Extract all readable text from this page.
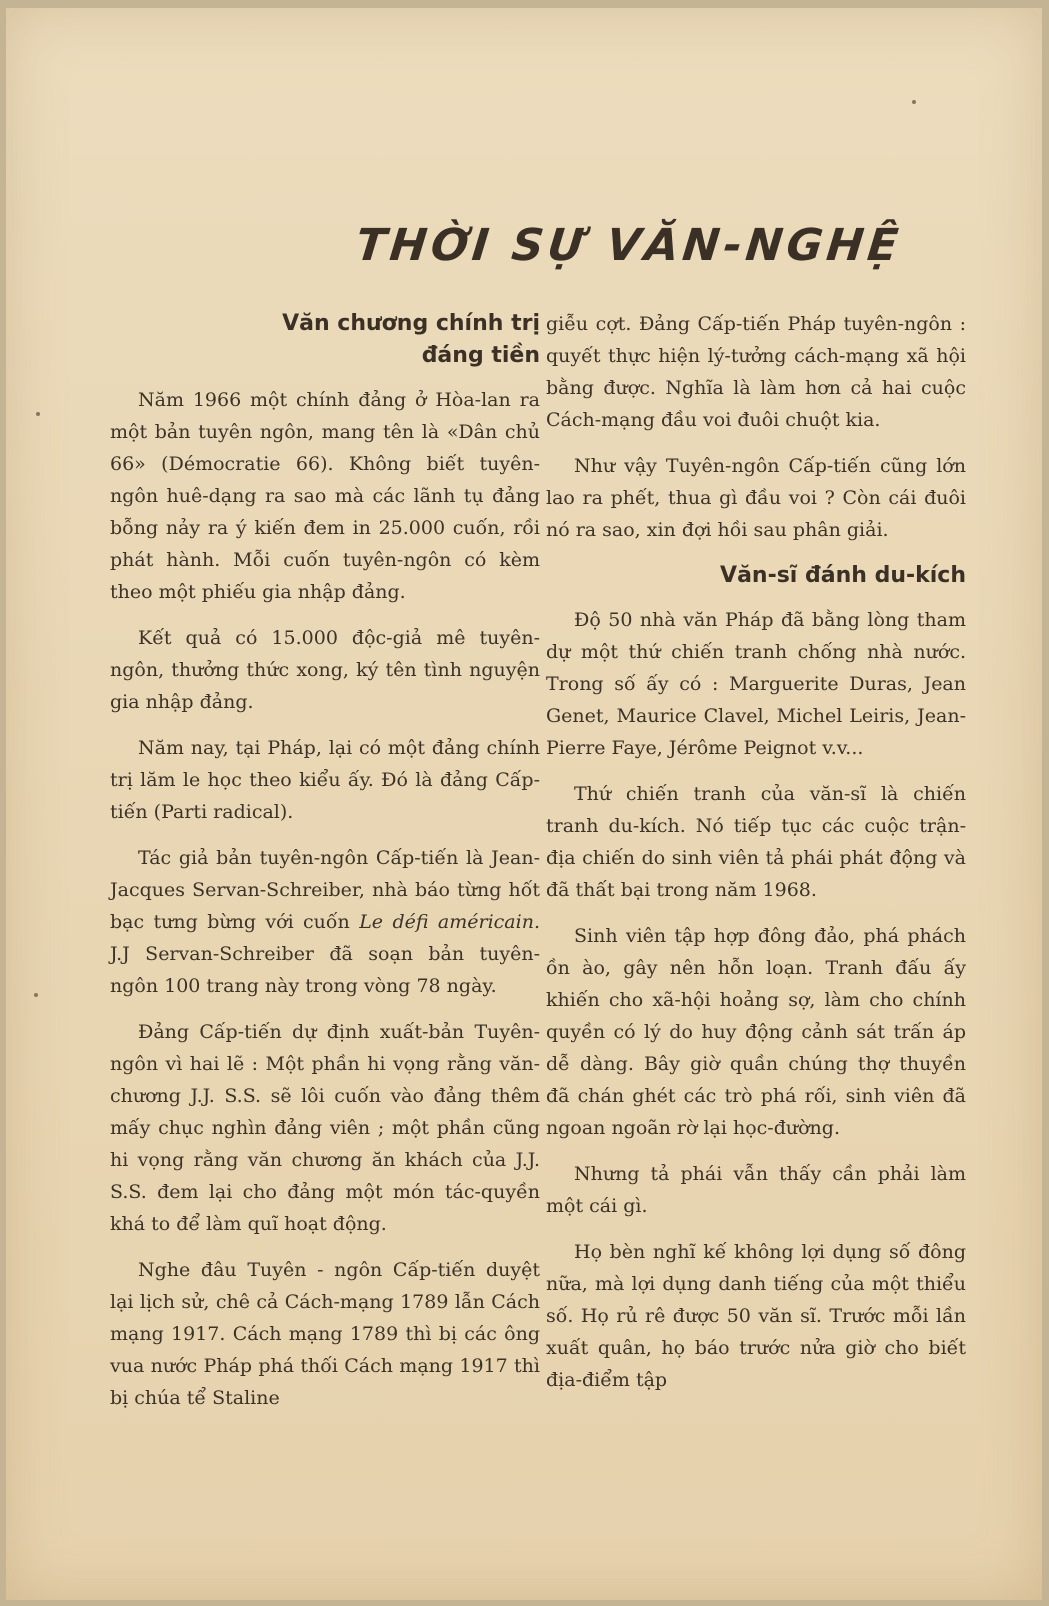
THỜI SỰ VĂN-NGHỆ
Văn chương chính trị đáng tiền

Năm 1966 một chính đảng ở Hòa-lan ra một bản tuyên ngôn, mang tên là «Dân chủ 66» (Démocratie 66). Không biết tuyên-ngôn huê-dạng ra sao mà các lãnh tụ đảng bỗng nảy ra ý kiến đem in 25.000 cuốn, rồi phát hành. Mỗi cuốn tuyên-ngôn có kèm theo một phiếu gia nhập đảng.

Kết quả có 15.000 độc-giả mê tuyên-ngôn, thưởng thức xong, ký tên tình nguyện gia nhập đảng.

Năm nay, tại Pháp, lại có một đảng chính trị lăm le học theo kiểu ấy. Đó là đảng Cấp-tiến (Parti radical).

Tác giả bản tuyên-ngôn Cấp-tiến là Jean-Jacques Servan-Schreiber, nhà báo từng hốt bạc tưng bừng với cuốn Le défi américain. J.J Servan-Schreiber đã soạn bản tuyên-ngôn 100 trang này trong vòng 78 ngày.

Đảng Cấp-tiến dự định xuất-bản Tuyên-ngôn vì hai lẽ : Một phần hi vọng rằng văn-chương J.J. S.S. sẽ lôi cuốn vào đảng thêm mấy chục nghìn đảng viên ; một phần cũng hi vọng rằng văn chương ăn khách của J.J. S.S. đem lại cho đảng một món tác-quyền khá to để làm quĩ hoạt động.

Nghe đâu Tuyên - ngôn Cấp-tiến duyệt lại lịch sử, chê cả Cách-mạng 1789 lẫn Cách mạng 1917. Cách mạng 1789 thì bị các ông vua nước Pháp phá thối Cách mạng 1917 thì bị chúa tể Staline

giễu cợt. Đảng Cấp-tiến Pháp tuyên-ngôn : quyết thực hiện lý-tưởng cách-mạng xã hội bằng được. Nghĩa là làm hơn cả hai cuộc Cách-mạng đầu voi đuôi chuột kia.

Như vậy Tuyên-ngôn Cấp-tiến cũng lớn lao ra phết, thua gì đầu voi ? Còn cái đuôi nó ra sao, xin đợi hồi sau phân giải.

Văn-sĩ đánh du-kích

Độ 50 nhà văn Pháp đã bằng lòng tham dự một thứ chiến tranh chống nhà nước. Trong số ấy có : Marguerite Duras, Jean Genet, Maurice Clavel, Michel Leiris, Jean-Pierre Faye, Jérôme Peignot v.v...

Thứ chiến tranh của văn-sĩ là chiến tranh du-kích. Nó tiếp tục các cuộc trận-địa chiến do sinh viên tả phái phát động và đã thất bại trong năm 1968.

Sinh viên tập hợp đông đảo, phá phách ồn ào, gây nên hỗn loạn. Tranh đấu ấy khiến cho xã-hội hoảng sợ, làm cho chính quyền có lý do huy động cảnh sát trấn áp dễ dàng. Bây giờ quần chúng thợ thuyền đã chán ghét các trò phá rối, sinh viên đã ngoan ngoãn rờ lại học-đường.

Nhưng tả phái vẫn thấy cần phải làm một cái gì.

Họ bèn nghĩ kế không lợi dụng số đông nữa, mà lợi dụng danh tiếng của một thiểu số. Họ rủ rê được 50 văn sĩ. Trước mỗi lần xuất quân, họ báo trước nửa giờ cho biết địa-điểm tập
